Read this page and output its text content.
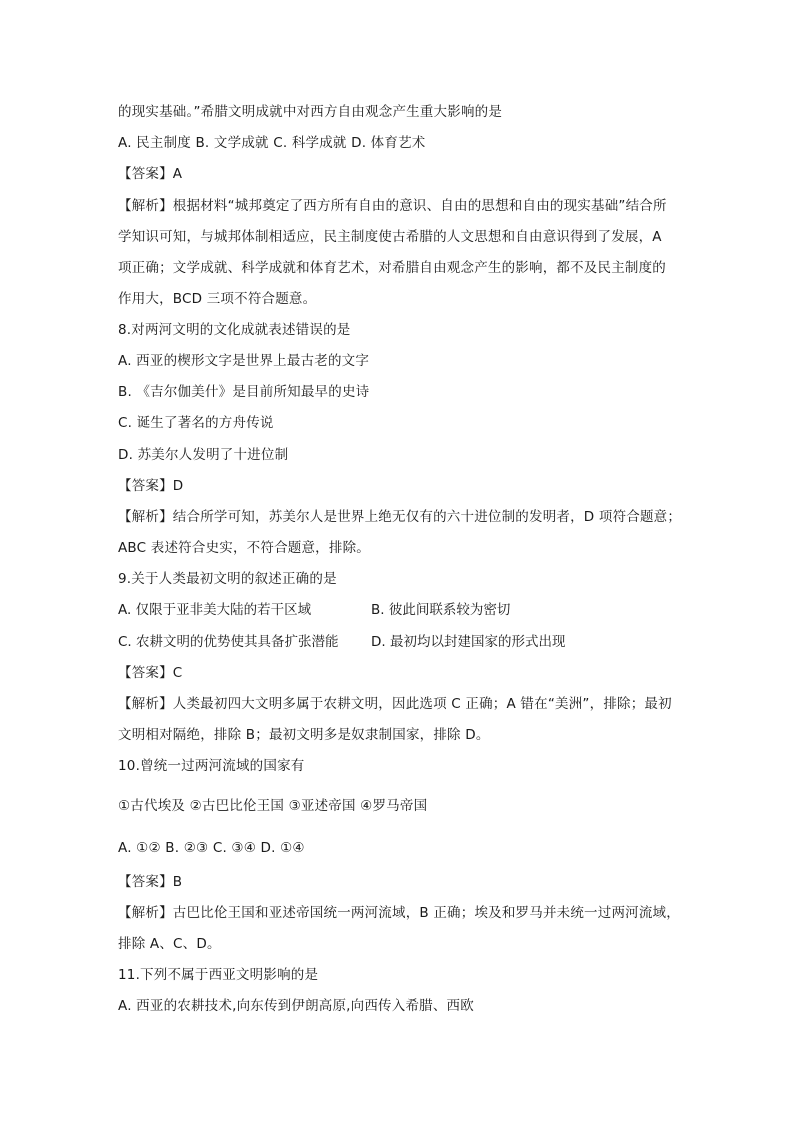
的现实基础。”希腊文明成就中对西方自由观念产生重大影响的是
A. 民主制度 B. 文学成就 C. 科学成就 D. 体育艺术
【答案】A
【解析】根据材料“城邦奠定了西方所有自由的意识、自由的思想和自由的现实基础”结合所
学知识可知，与城邦体制相适应，民主制度使古希腊的人文思想和自由意识得到了发展，A
项正确；文学成就、科学成就和体育艺术，对希腊自由观念产生的影响，都不及民主制度的
作用大，BCD 三项不符合题意。
8.对两河文明的文化成就表述错误的是
A. 西亚的楔形文字是世界上最古老的文字
B. 《吉尔伽美什》是目前所知最早的史诗
C. 诞生了著名的方舟传说
D. 苏美尔人发明了十进位制
【答案】D
【解析】结合所学可知，苏美尔人是世界上绝无仅有的六十进位制的发明者，D 项符合题意；
ABC 表述符合史实，不符合题意，排除。
9.关于人类最初文明的叙述正确的是
A. 仅限于亚非美大陆的若干区域	B. 彼此间联系较为密切
C. 农耕文明的优势使其具备扩张潜能 D. 最初均以封建国家的形式出现
【答案】C
【解析】人类最初四大文明多属于农耕文明，因此选项 C 正确；A 错在“美洲”，排除；最初
文明相对隔绝，排除 B；最初文明多是奴隶制国家，排除 D。
10.曾统一过两河流域的国家有
①古代埃及 ②古巴比伦王国 ③亚述帝国 ④罗马帝国
A. ①② B. ②③ C. ③④ D. ①④
【答案】B
【解析】古巴比伦王国和亚述帝国统一两河流域，B 正确；埃及和罗马并未统一过两河流域，
排除 A、C、D。
11.下列不属于西亚文明影响的是
A. 西亚的农耕技术,向东传到伊朗高原,向西传入希腊、西欧
